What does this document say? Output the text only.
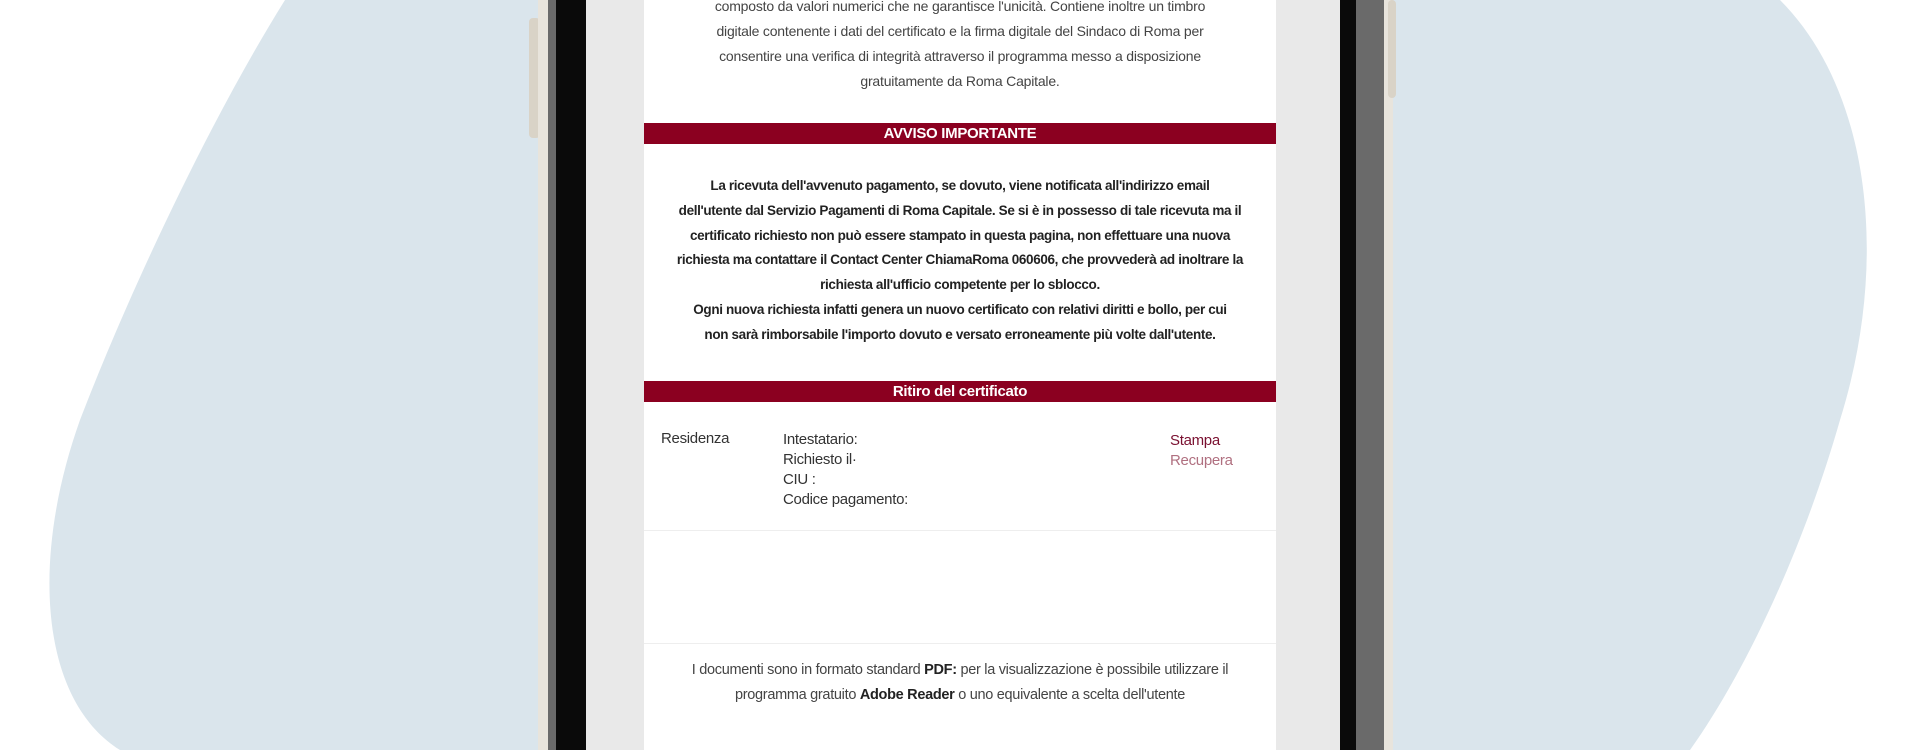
composto da valori numerici che ne garantisce l'unicità. Contiene inoltre un timbro
digitale contenente i dati del certificato e la firma digitale del Sindaco di Roma per
consentire una verifica di integrità attraverso il programma messo a disposizione
gratuitamente da Roma Capitale.
AVVISO IMPORTANTE
La ricevuta dell'avvenuto pagamento, se dovuto, viene notificata all'indirizzo email
dell'utente dal Servizio Pagamenti di Roma Capitale. Se si è in possesso di tale ricevuta ma il
certificato richiesto non può essere stampato in questa pagina, non effettuare una nuova
richiesta ma contattare il Contact Center ChiamaRoma 060606, che provvederà ad inoltrare la
richiesta all'ufficio competente per lo sblocco.
Ogni nuova richiesta infatti genera un nuovo certificato con relativi diritti e bollo, per cui
non sarà rimborsabile l'importo dovuto e versato erroneamente più volte dall'utente.
Ritiro del certificato
Residenza	Intestatario:
Richiesto il·
CIU :
Codice pagamento:
Stampa
Recupera
I documenti sono in formato standard PDF: per la visualizzazione è possibile utilizzare il
programma gratuito Adobe Reader o uno equivalente a scelta dell'utente
